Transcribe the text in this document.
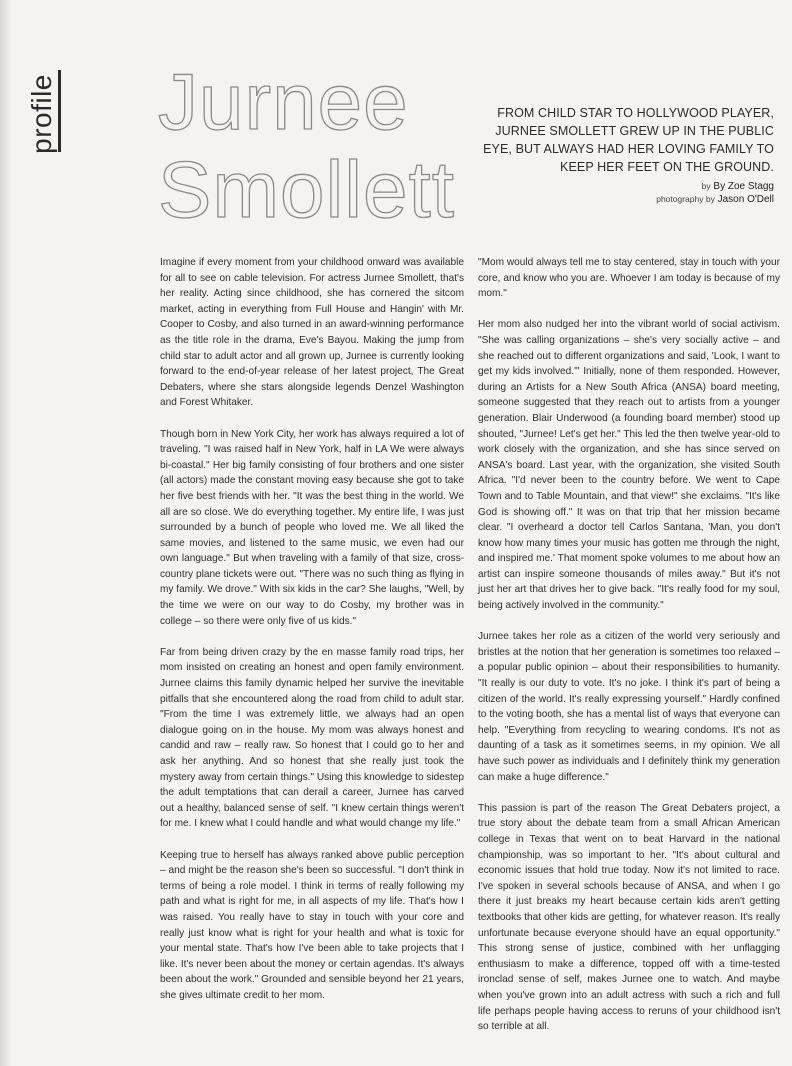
profile Jurnee
Smollett
FROM CHILD STAR TO HOLLYWOOD PLAYER, JURNEE SMOLLETT GREW UP IN THE PUBLIC EYE, BUT ALWAYS HAD HER LOVING FAMILY TO KEEP HER FEET ON THE GROUND.
by By Zoe Stagg
photography by Jason O'Dell

Imagine if every moment from your childhood onward was available for all to see on cable television. For actress Jurnee Smollett, that's her reality. Acting since childhood, she has cornered the sitcom market, acting in everything from Full House and Hangin' with Mr. Cooper to Cosby, and also turned in an award-winning performance as the title role in the drama, Eve's Bayou. Making the jump from child star to adult actor and all grown up, Jurnee is currently looking forward to the end-of-year release of her latest project, The Great Debaters, where she stars alongside legends Denzel Washington and Forest Whitaker.

Though born in New York City, her work has always required a lot of traveling. "I was raised half in New York, half in LA We were always bi-coastal." Her big family consisting of four brothers and one sister (all actors) made the constant moving easy because she got to take her five best friends with her. "It was the best thing in the world. We all are so close. We do everything together. My entire life, I was just surrounded by a bunch of people who loved me. We all liked the same movies, and listened to the same music, we even had our own language." But when traveling with a family of that size, cross-country plane tickets were out. "There was no such thing as flying in my family. We drove." With six kids in the car? She laughs, "Well, by the time we were on our way to do Cosby, my brother was in college – so there were only five of us kids."

Far from being driven crazy by the en masse family road trips, her mom insisted on creating an honest and open family environment. Jurnee claims this family dynamic helped her survive the inevitable pitfalls that she encountered along the road from child to adult star. "From the time I was extremely little, we always had an open dialogue going on in the house. My mom was always honest and candid and raw – really raw. So honest that I could go to her and ask her anything. And so honest that she really just took the mystery away from certain things." Using this knowledge to sidestep the adult temptations that can derail a career, Jurnee has carved out a healthy, balanced sense of self. "I knew certain things weren't for me. I knew what I could handle and what would change my life."

Keeping true to herself has always ranked above public perception – and might be the reason she's been so successful. "I don't think in terms of being a role model. I think in terms of really following my path and what is right for me, in all aspects of my life. That's how I was raised. You really have to stay in touch with your core and really just know what is right for your health and what is toxic for your mental state. That's how I've been able to take projects that I like. It's never been about the money or certain agendas. It's always been about the work." Grounded and sensible beyond her 21 years, she gives ultimate credit to her mom.

"Mom would always tell me to stay centered, stay in touch with your core, and know who you are. Whoever I am today is because of my mom."

Her mom also nudged her into the vibrant world of social activism. "She was calling organizations – she's very socially active – and she reached out to different organizations and said, 'Look, I want to get my kids involved.'" Initially, none of them responded. However, during an Artists for a New South Africa (ANSA) board meeting, someone suggested that they reach out to artists from a younger generation. Blair Underwood (a founding board member) stood up shouted, "Jurnee! Let's get her." This led the then twelve year-old to work closely with the organization, and she has since served on ANSA's board. Last year, with the organization, she visited South Africa. "I'd never been to the country before. We went to Cape Town and to Table Mountain, and that view!" she exclaims. "It's like God is showing off." It was on that trip that her mission became clear. "I overheard a doctor tell Carlos Santana, 'Man, you don't know how many times your music has gotten me through the night, and inspired me.' That moment spoke volumes to me about how an artist can inspire someone thousands of miles away." But it's not just her art that drives her to give back. "It's really food for my soul, being actively involved in the community."

Jurnee takes her role as a citizen of the world very seriously and bristles at the notion that her generation is sometimes too relaxed – a popular public opinion – about their responsibilities to humanity. "It really is our duty to vote. It's no joke. I think it's part of being a citizen of the world. It's really expressing yourself." Hardly confined to the voting booth, she has a mental list of ways that everyone can help. "Everything from recycling to wearing condoms. It's not as daunting of a task as it sometimes seems, in my opinion. We all have such power as individuals and I definitely think my generation can make a huge difference."

This passion is part of the reason The Great Debaters project, a true story about the debate team from a small African American college in Texas that went on to beat Harvard in the national championship, was so important to her. "It's about cultural and economic issues that hold true today. Now it's not limited to race. I've spoken in several schools because of ANSA, and when I go there it just breaks my heart because certain kids aren't getting textbooks that other kids are getting, for whatever reason. It's really unfortunate because everyone should have an equal opportunity." This strong sense of justice, combined with her unflagging enthusiasm to make a difference, topped off with a time-tested ironclad sense of self, makes Jurnee one to watch. And maybe when you've grown into an adult actress with such a rich and full life perhaps people having access to reruns of your childhood isn't so terrible at all.
